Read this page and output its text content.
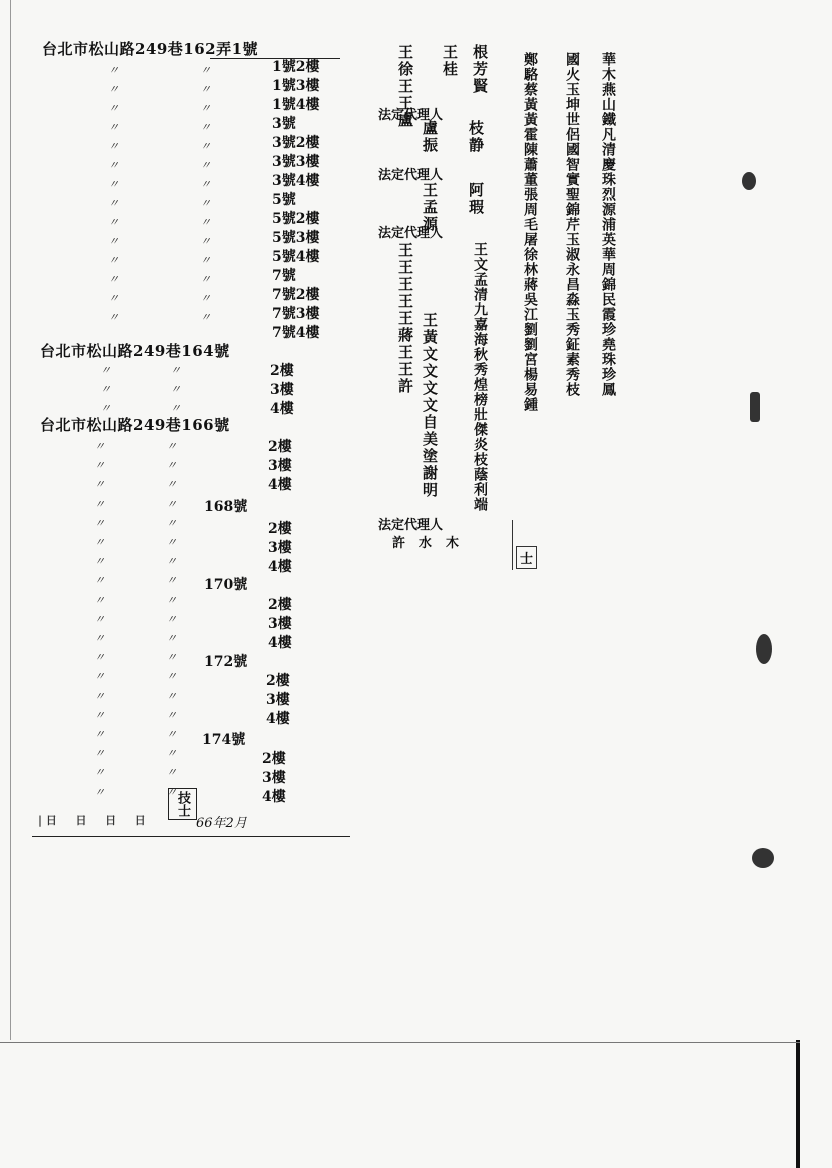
台北市松山路249巷162弄1號
1號2樓
1號3樓
1號4樓
3號
3號2樓
3號3樓
3號4樓
5號
5號2樓
5號3樓
5號4樓
7號
7號2樓
7號3樓
7號4樓
台北市松山路249巷164號
2樓
3樓
4樓
台北市松山路249巷166號
2樓
3樓
4樓
168號
2樓
3樓
4樓
170號
2樓
3樓
4樓
172號
2樓
3樓
4樓
174號
2樓
3樓
4樓
〃
〃
〃
〃
〃
〃
〃
〃
〃
〃
〃
〃
〃
〃
〃
〃
〃
〃
〃
〃
〃
〃
〃
〃
〃
〃
〃
〃
〃
〃
〃
〃
〃
〃
〃
〃
〃
〃
〃
〃
〃
〃
〃
〃
〃
〃
〃
〃
〃
〃
〃
〃
〃
〃
〃
〃
〃
〃
〃
〃
〃
〃
〃
〃
〃
〃
〃
〃
〃
〃
〃
〃
| 日 　 日 　 日 　 日
技士
66年2月
根芳賢
王桂
王徐王王盧
法定代理人
枝静
盧振
法定代理人
阿瑕
王孟源
法定代理人
王文孟清九嘉海秋秀煌榜壯傑炎枝蔭利端
王王王王王蔣王王許 王黃文文文文自美塗謝明
法定代理人
許水木
華木燕山鐵凡清慶珠烈源浦英華周錦民霞珍堯珠珍鳳
國火玉坤世侶國智實聖錦芹玉淑永昌淼玉秀鉦素秀枝
鄭駱蔡黃黃霍陳蕭董張周毛屠徐林蔣吳江劉劉宮楊易鍾
士
